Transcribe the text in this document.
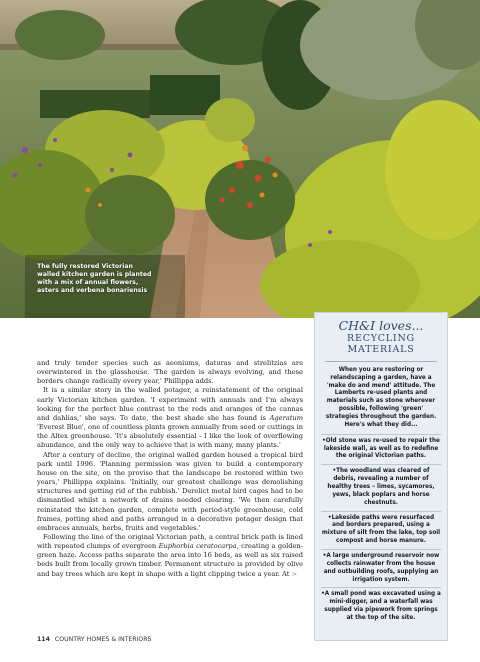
The fully restored Victorian walled kitchen garden is planted with a mix of annual flowers, asters and verbena bonariensis
CH&I loves...
RECYCLING
MATERIALS
When you are restoring or relandscaping a garden, have a 'make do and mend' attitude. The Lamberts re-used plants and materials such as stone wherever possible, following 'green' strategies throughout the garden. Here's what they did...
• Old stone was re-used to repair the lakeside wall, as well as to redefine the original Victorian paths.
• The woodland was cleared of debris, revealing a number of healthy trees – limes, sycamores, yews, black poplars and horse chestnuts.
• Lakeside paths were resurfaced and borders prepared, using a mixture of silt from the lake, top soil compost and horse manure.
• A large underground reservoir now collects rainwater from the house and outbuilding roofs, supplying an irrigation system.
• A small pond was excavated using a mini-digger, and a waterfall was supplied via pipework from springs at the top of the site.

and truly tender species such as aeoniums, daturas and strelitzias are overwintered in the glasshouse. 'The garden is always evolving, and these borders change radically every year,' Phillippa adds.

It is a similar story in the walled potager, a reinstatement of the original early Victorian kitchen garden. 'I experiment with annuals and I'm always looking for the perfect blue contrast to the reds and oranges of the cannas and dahlias,' she says. To date, the best shade she has found is Ageratum 'Everest Blue', one of countless plants grown annually from seed or cuttings in the Altex greenhouse. 'It's absolutely essential - I like the look of overflowing abundance, and the only way to achieve that is with many, many plants.'

After a century of decline, the original walled garden housed a tropical bird park until 1996. 'Planning permission was given to build a contemporary house on the site, on the proviso that the landscape be restored within two years,' Phillippa explains. 'Initially, our greatest challenge was demolishing structures and getting rid of the rubbish.' Derelict metal bird cages had to be dismantled whilst a network of drains needed clearing. 'We then carefully reinstated the kitchen garden, complete with period-style greenhouse, cold frames, potting shed and paths arranged in a decorative potager design that embraces annuals, herbs, fruits and vegetables.'

Following the line of the original Victorian path, a central brick path is lined with repeated clumps of evergreen Euphorbia ceratocarpa, creating a golden-green haze. Access paths separate the area into 16 beds, as well as six raised beds built from locally grown timber. Permanent structure is provided by olive and bay trees which are kept in shape with a light clipping twice a year. At >

114 COUNTRY HOMES & INTERIORS
